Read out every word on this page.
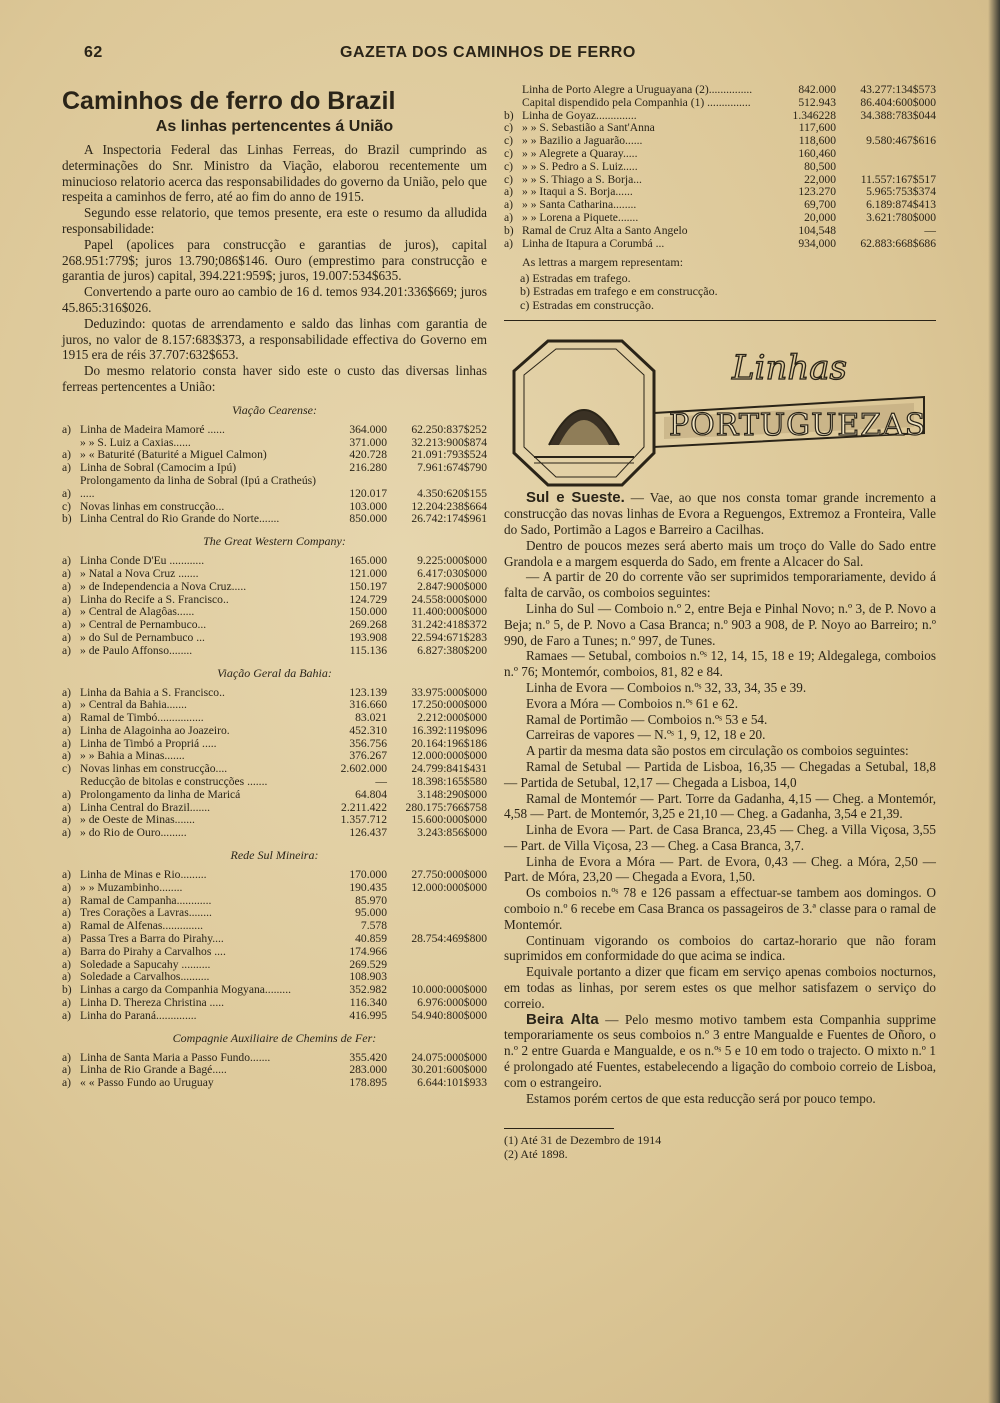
62	GAZETA DOS CAMINHOS DE FERRO
Caminhos de ferro do Brazil
As linhas pertencentes á União

A Inspectoria Federal das Linhas Ferreas, do Brazil cumprindo as determinações do Snr. Ministro da Viação, elaborou recentemente um minucioso relatorio acerca das responsabilidades do governo da União, pelo que respeita a caminhos de ferro, até ao fim do anno de 1915.

Segundo esse relatorio, que temos presente, era este o resumo da alludida responsabilidade:

Papel (apolices para construcção e garantias de juros), capital 268.951:779$; juros 13.790;086$146. Ouro (emprestimo para construcção e garantia de juros) capital, 394.221:959$; juros, 19.007:534$635.

Convertendo a parte ouro ao cambio de 16 d. temos 934.201:336$669; juros 45.865:316$026.

Deduzindo: quotas de arrendamento e saldo das linhas com garantia de juros, no valor de 8.157:683$373, a responsabilidade effectiva do Governo em 1915 era de réis 37.707:632$653.

Do mesmo relatorio consta haver sido este o custo das diversas linhas ferreas pertencentes a União:

Viação Cearense:
a)	Linha de Madeira Mamoré ......	364.000	62.250:837$252
	» » S. Luiz a Caxias......	371.000	32.213:900$874
a)	» « Baturité (Baturité a Miguel Calmon)	420.728	21.091:793$524
a)	Linha de Sobral (Camocim a Ipú)	216.280	7.961:674$790
a)	Prolongamento da linha de Sobral (Ipú a Cratheús) .....	120.017	4.350:620$155
c)	Novas linhas em construcção...	103.000	12.204:238$664
b)	Linha Central do Rio Grande do Norte.......	850.000	26.742:174$961
The Great Western Company:
a)	Linha Conde D'Eu ............	165.000	9.225:000$000
a)	» Natal a Nova Cruz .......	121.000	6.417:030$000
a)	» de Independencia a Nova Cruz.....	150.197	2.847:900$000
a)	Linha do Recife a S. Francisco..	124.729	24.558:000$000
a)	» Central de Alagôas......	150.000	11.400:000$000
a)	» Central de Pernambuco...	269.268	31.242:418$372
a)	» do Sul de Pernambuco ...	193.908	22.594:671$283
a)	» de Paulo Affonso........	115.136	6.827:380$200
Viação Geral da Bahia:
a)	Linha da Bahia a S. Francisco..	123.139	33.975:000$000
a)	» Central da Bahia.......	316.660	17.250:000$000
a)	Ramal de Timbó................	83.021	2.212:000$000
a)	Linha de Alagoinha ao Joazeiro.	452.310	16.392:119$096
a)	Linha de Timbó a Propriá .....	356.756	20.164:196$186
a)	» » Bahia a Minas.......	376.267	12.000:000$000
c)	Novas linhas em construcção....	2.602.000	24.799:841$431
	Reducção de bitolas e construcções .......	—	18.398:165$580
a)	Prolongamento da linha de Maricá	64.804	3.148:290$000
a)	Linha Central do Brazil.......	2.211.422	280.175:766$758
a)	» de Oeste de Minas.......	1.357.712	15.600:000$000
a)	» do Rio de Ouro.........	126.437	3.243:856$000
Rede Sul Mineira:
a)	Linha de Minas e Rio.........	170.000	27.750:000$000
a)	» » Muzambinho........	190.435	12.000:000$000
a)	Ramal de Campanha............	85.970	
a)	Tres Corações a Lavras........	95.000	
a)	Ramal de Alfenas..............	7.578	
a)	Passa Tres a Barra do Pirahy....	40.859	28.754:469$800
a)	Barra do Pirahy a Carvalhos ....	174.966	
a)	Soledade a Sapucahy ..........	269.529	
a)	Soledade a Carvalhos..........	108.903	
b)	Linhas a cargo da Companhia Mogyana.........	352.982	10.000:000$000
a)	Linha D. Thereza Christina .....	116.340	6.976:000$000
a)	Linha do Paraná..............	416.995	54.940:800$000
Compagnie Auxiliaire de Chemins de Fer:
a)	Linha de Santa Maria a Passo Fundo.......	355.420	24.075:000$000
a)	Linha de Rio Grande a Bagé.....	283.000	30.201:600$000
a)	« « Passo Fundo ao Uruguay	178.895	6.644:101$933
	Linha de Porto Alegre a Uruguayana (2)...............	842.000	43.277:134$573
	Capital dispendido pela Companhia (1) ...............	512.943	86.404:600$000
b)	Linha de Goyaz..............	1.346228	34.388:783$044
c)	» » S. Sebastião a Sant'Anna	117,600	
c)	» » Bazilio a Jaguarão......	118,600	9.580:467$616
c)	» » Alegrete a Quaray.....	160,460	
c)	» » S. Pedro a S. Luiz.....	80,500	
c)	» » S. Thiago a S. Borja...	22,000	11.557:167$517
a)	» » Itaqui a S. Borja......	123.270	5.965:753$374
a)	» » Santa Catharina........	69,700	6.189:874$413
a)	» » Lorena a Piquete.......	20,000	3.621:780$000
b)	Ramal de Cruz Alta a Santo Angelo	104,548	—
a)	Linha de Itapura a Corumbá ...	934,000	62.883:668$686
As lettras a margem representam:
a) Estradas em trafego.
b) Estradas em trafego e em construcção.
c) Estradas em construcção.
Linhas
PORTUGUEZAS

Sul e Sueste. — Vae, ao que nos consta tomar grande incremento a construcção das novas linhas de Evora a Reguengos, Extremoz a Fronteira, Valle do Sado, Portimão a Lagos e Barreiro a Cacilhas.

Dentro de poucos mezes será aberto mais um troço do Valle do Sado entre Grandola e a margem esquerda do Sado, em frente a Alcacer do Sal.

— A partir de 20 do corrente vão ser suprimidos temporariamente, devido á falta de carvão, os comboios seguintes:

Linha do Sul — Comboio n.º 2, entre Beja e Pinhal Novo; n.º 3, de P. Novo a Beja; n.º 5, de P. Novo a Casa Branca; n.º 903 a 908, de P. Noyo ao Barreiro; n.º 990, de Faro a Tunes; n.º 997, de Tunes.

Ramaes — Setubal, comboios n.ºˢ 12, 14, 15, 18 e 19; Aldegalega, comboios n.º 76; Montemór, comboios, 81, 82 e 84.

Linha de Evora — Comboios n.ºˢ 32, 33, 34, 35 e 39.

Evora a Móra — Comboios n.ºˢ 61 e 62.

Ramal de Portimão — Comboios n.ºˢ 53 e 54.

Carreiras de vapores — N.ºˢ 1, 9, 12, 18 e 20.

A partir da mesma data são postos em circulação os comboios seguintes:

Ramal de Setubal — Partida de Lisboa, 16,35 — Chegadas a Setubal, 18,8 — Partida de Setubal, 12,17 — Chegada a Lisboa, 14,0

Ramal de Montemór — Part. Torre da Gadanha, 4,15 — Cheg. a Montemór, 4,58 — Part. de Montemór, 3,25 e 21,10 — Cheg. a Gadanha, 3,54 e 21,39.

Linha de Evora — Part. de Casa Branca, 23,45 — Cheg. a Villa Viçosa, 3,55 — Part. de Villa Viçosa, 23 — Cheg. a Casa Branca, 3,7.

Linha de Evora a Móra — Part. de Evora, 0,43 — Cheg. a Móra, 2,50 — Part. de Móra, 23,20 — Chegada a Evora, 1,50.

Os comboios n.ºˢ 78 e 126 passam a effectuar-se tambem aos domingos. O comboio n.º 6 recebe em Casa Branca os passageiros de 3.ª classe para o ramal de Montemór.

Continuam vigorando os comboios do cartaz-horario que não foram suprimidos em conformidade do que acima se indica.

Equivale portanto a dizer que ficam em serviço apenas comboios nocturnos, em todas as linhas, por serem estes os que melhor satisfazem o serviço do correio.

Beira Alta — Pelo mesmo motivo tambem esta Companhia supprime temporariamente os seus comboios n.º 3 entre Mangualde e Fuentes de Oñoro, o n.º 2 entre Guarda e Mangualde, e os n.ºˢ 5 e 10 em todo o trajecto. O mixto n.º 1 é prolongado até Fuentes, estabelecendo a ligação do comboio correio de Lisboa, com o estrangeiro.

Estamos porém certos de que esta reducção será por pouco tempo.

(1) Até 31 de Dezembro de 1914
(2) Até 1898.
